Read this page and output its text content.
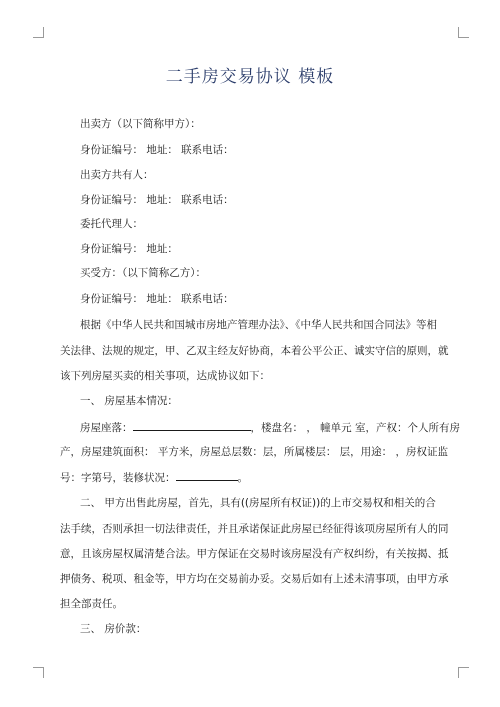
二手房交易协议 模板
出卖方（以下简称甲方）：
身份证编号： 地址： 联系电话：
出卖方共有人：
身份证编号： 地址： 联系电话：
委托代理人：
身份证编号： 地址：
买受方：（以下简称乙方）：
身份证编号： 地址： 联系电话：
根据《中华人民共和国城市房地产管理办法》、《中华人民共和国合同法》等相
关法律、法规的规定，甲、乙双主经友好协商，本着公平公正、诚实守信的原则，就
该下列房屋买卖的相关事项，达成协议如下：
一、 房屋基本情况：
房屋座落：	，楼盘名： ， 幢单元 室，产权：个人所有房
产，房屋建筑面积： 平方米，房屋总层数：层，所属楼层： 层，用途： ，房权证监
号：字第号，装修状况：	。
二、 甲方出售此房屋，首先，具有((房屋所有权证))的上市交易权和相关的合
法手续，否则承担一切法律责任，并且承诺保证此房屋已经征得该项房屋所有人的同
意，且该房屋权属清楚合法。甲方保证在交易时该房屋没有产权纠纷，有关按揭、抵
押债务、税项、租金等，甲方均在交易前办妥。交易后如有上述未清事项，由甲方承
担全部责任。
三、 房价款：
